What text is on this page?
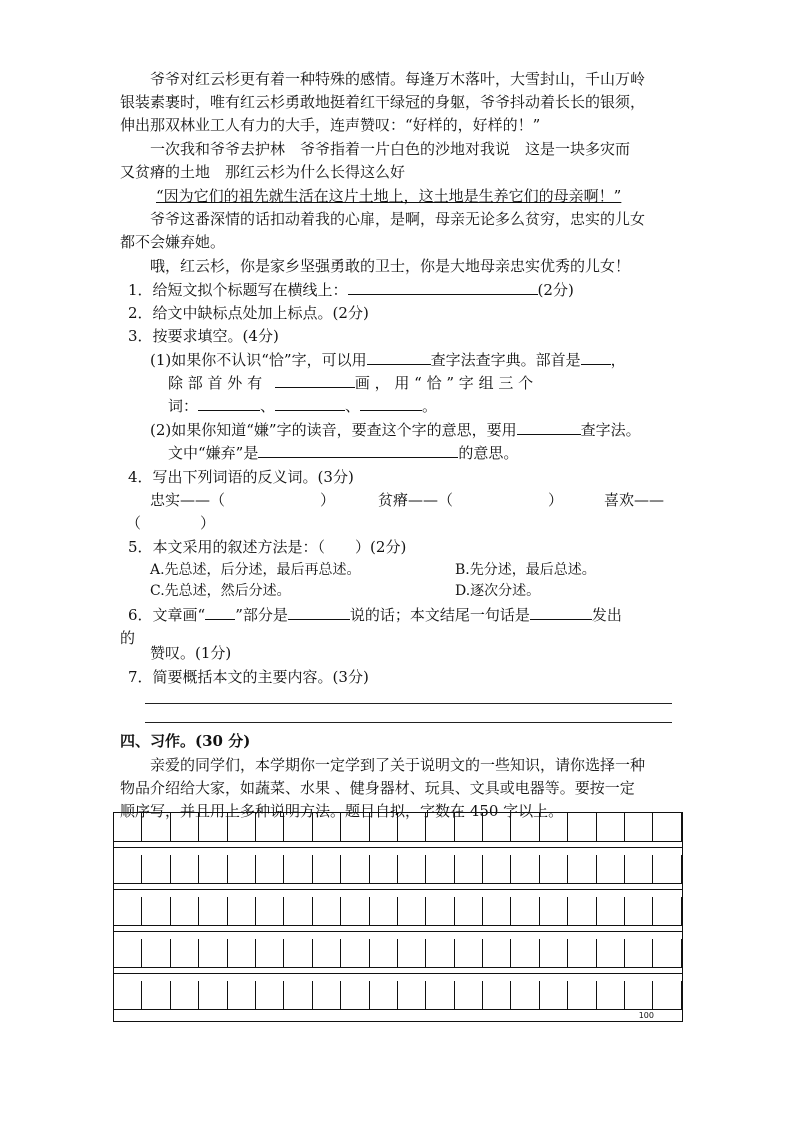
爷爷对红云杉更有着一种特殊的感情。每逢万木落叶，大雪封山，千山万岭
银装素裹时，唯有红云杉勇敢地挺着红干绿冠的身躯，爷爷抖动着长长的银须，
伸出那双林业工人有力的大手，连声赞叹：“好样的，好样的！”
一次我和爷爷去护林　爷爷指着一片白色的沙地对我说　这是一块多灾而
又贫瘠的土地　那红云杉为什么长得这么好
“因为它们的祖先就生活在这片土地上，这土地是生养它们的母亲啊！”
爷爷这番深情的话扣动着我的心扉，是啊，母亲无论多么贫穷，忠实的儿女
都不会嫌弃她。
哦，红云杉，你是家乡坚强勇敢的卫士，你是大地母亲忠实优秀的儿女！
1．给短文拟个标题写在横线上：	(2分)
2．给文中缺标点处加上标点。(2分)
3．按要求填空。(4分)
(1)如果你不认识“恰”字，可以用	查字法查字典。部首是 ，
除 部 首 外 有	画 ， 用 “ 恰 ” 字 组 三 个
词：	、	、	。
(2)如果你知道“嫌”字的读音，要查这个字的意思，要用	查字法。
文中“嫌弃”是	的意思。
4．写出下列词语的反义词。(3分)
忠实——（	）	贫瘠——（	）	喜欢——
（	）
5．本文采用的叙述方法是：（　　）(2分)
A.先总述，后分述，最后再总述。	B.先分述，最后总述。
C.先总述，然后分述。	D.逐次分述。
6．文章画“ ”部分是	说的话；本文结尾一句话是	发出
的
赞叹。(1分)
7．简要概括本文的主要内容。(3分)
四、习作。(30 分)
亲爱的同学们，本学期你一定学到了关于说明文的一些知识，请你选择一种
物品介绍给大家，如蔬菜、水果 、健身器材、玩具、文具或电器等。要按一定
顺序写，并且用上多种说明方法。题目自拟，字数在 450 字以上。
100
